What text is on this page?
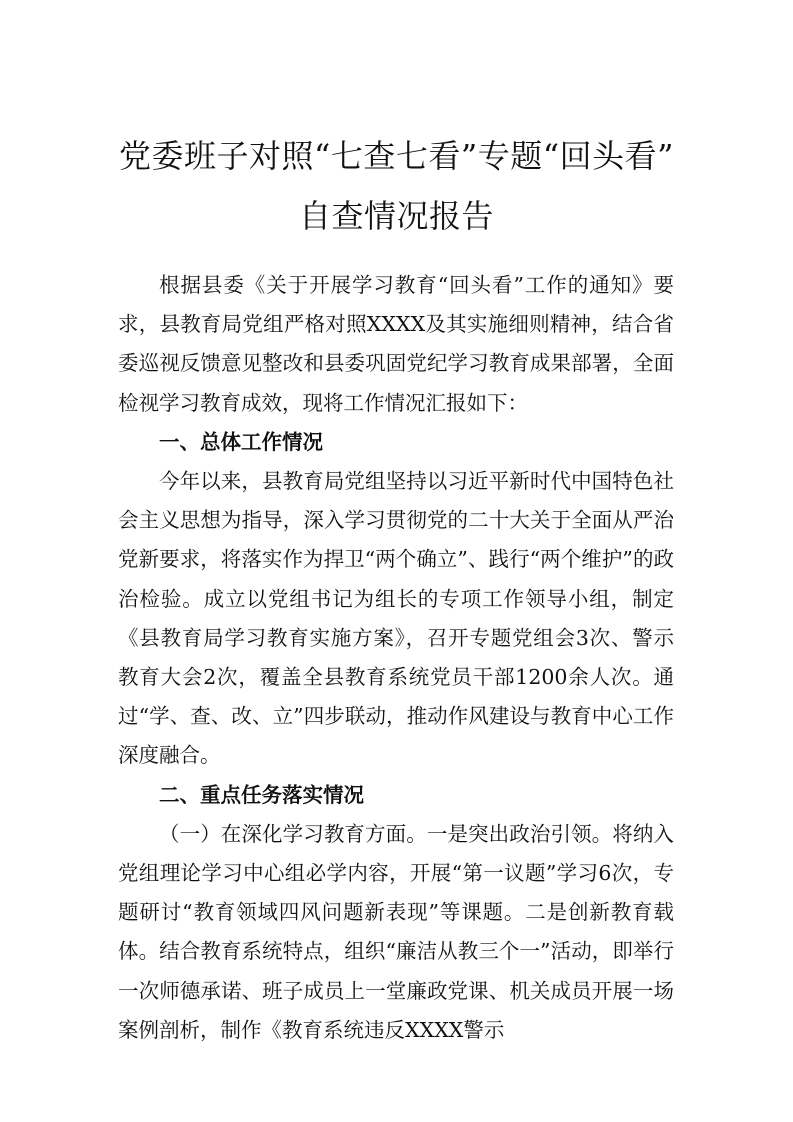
党委班子对照“七查七看”专题“回头看”
自查情况报告

根据县委《关于开展学习教育“回头看”工作的通知》要求，县教育局党组严格对照XXXX及其实施细则精神，结合省委巡视反馈意见整改和县委巩固党纪学习教育成果部署，全面检视学习教育成效，现将工作情况汇报如下：

一、总体工作情况

今年以来，县教育局党组坚持以习近平新时代中国特色社会主义思想为指导，深入学习贯彻党的二十大关于全面从严治党新要求，将落实作为捍卫“两个确立”、践行“两个维护”的政治检验。成立以党组书记为组长的专项工作领导小组，制定《县教育局学习教育实施方案》，召开专题党组会3次、警示教育大会2次，覆盖全县教育系统党员干部1200余人次。通过“学、查、改、立”四步联动，推动作风建设与教育中心工作深度融合。

二、重点任务落实情况

（一）在深化学习教育方面。一是突出政治引领。将纳入党组理论学习中心组必学内容，开展“第一议题”学习6次，专题研讨“教育领域四风问题新表现”等课题。二是创新教育载体。结合教育系统特点，组织“廉洁从教三个一”活动，即举行一次师德承诺、班子成员上一堂廉政党课、机关成员开展一场案例剖析，制作《教育系统违反XXXX警示
